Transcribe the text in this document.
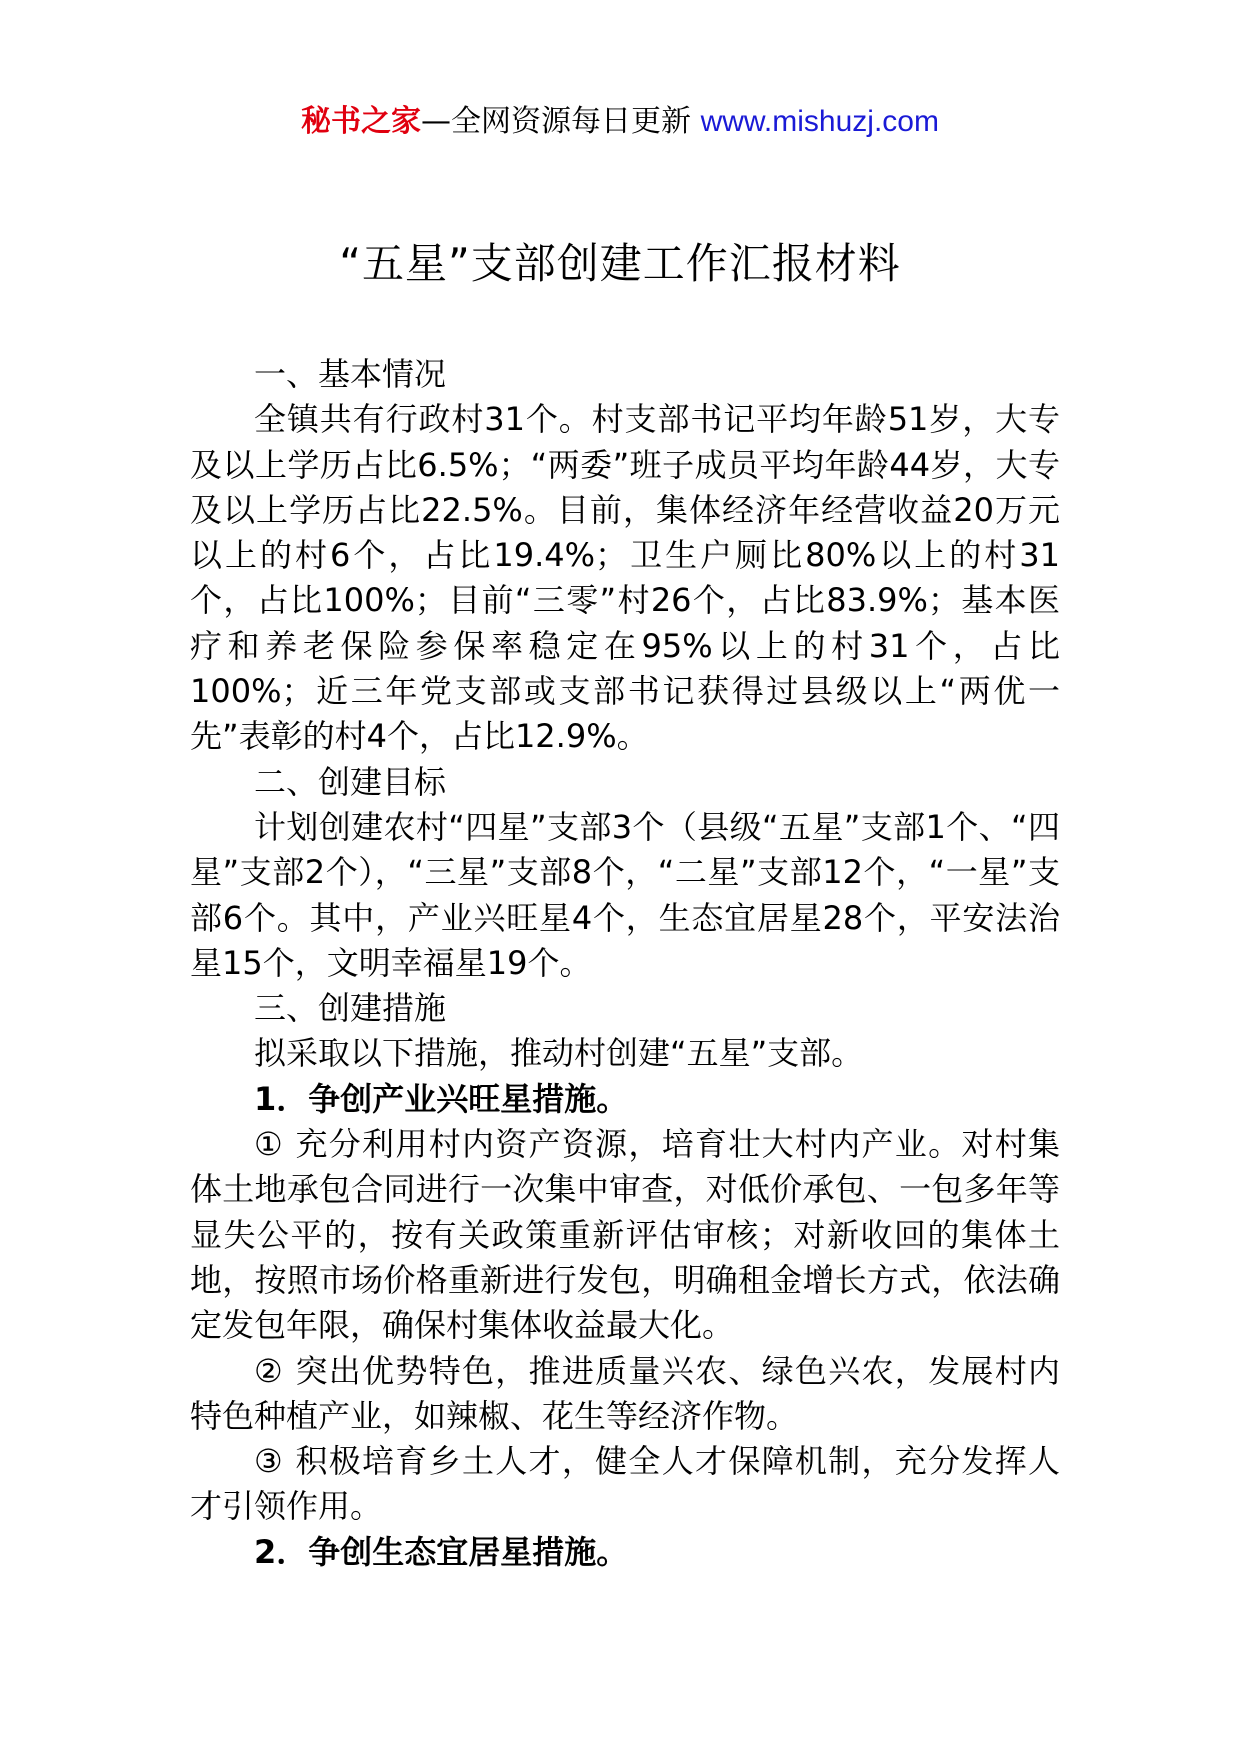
秘书之家—全网资源每日更新 www.mishuzj.com
“五星”支部创建工作汇报材料

一、基本情况

全镇共有行政村31个。村支部书记平均年龄51岁，大专及以上学历占比6.5%；“两委”班子成员平均年龄44岁，大专及以上学历占比22.5%。目前，集体经济年经营收益20万元以上的村6个，占比19.4%；卫生户厕比80%以上的村31个，占比100%；目前“三零”村26个，占比83.9%；基本医疗和养老保险参保率稳定在95%以上的村31个，占比100%；近三年党支部或支部书记获得过县级以上“两优一先”表彰的村4个，占比12.9%。

二、创建目标

计划创建农村“四星”支部3个（县级“五星”支部1个、“四星”支部2个），“三星”支部8个，“二星”支部12个，“一星”支部6个。其中，产业兴旺星4个，生态宜居星28个，平安法治星15个，文明幸福星19个。

三、创建措施

拟采取以下措施，推动村创建“五星”支部。

1．争创产业兴旺星措施。

① 充分利用村内资产资源，培育壮大村内产业。对村集体土地承包合同进行一次集中审查，对低价承包、一包多年等显失公平的，按有关政策重新评估审核；对新收回的集体土地，按照市场价格重新进行发包，明确租金增长方式，依法确定发包年限，确保村集体收益最大化。

② 突出优势特色，推进质量兴农、绿色兴农，发展村内特色种植产业，如辣椒、花生等经济作物。

③ 积极培育乡土人才，健全人才保障机制，充分发挥人才引领作用。

2．争创生态宜居星措施。
